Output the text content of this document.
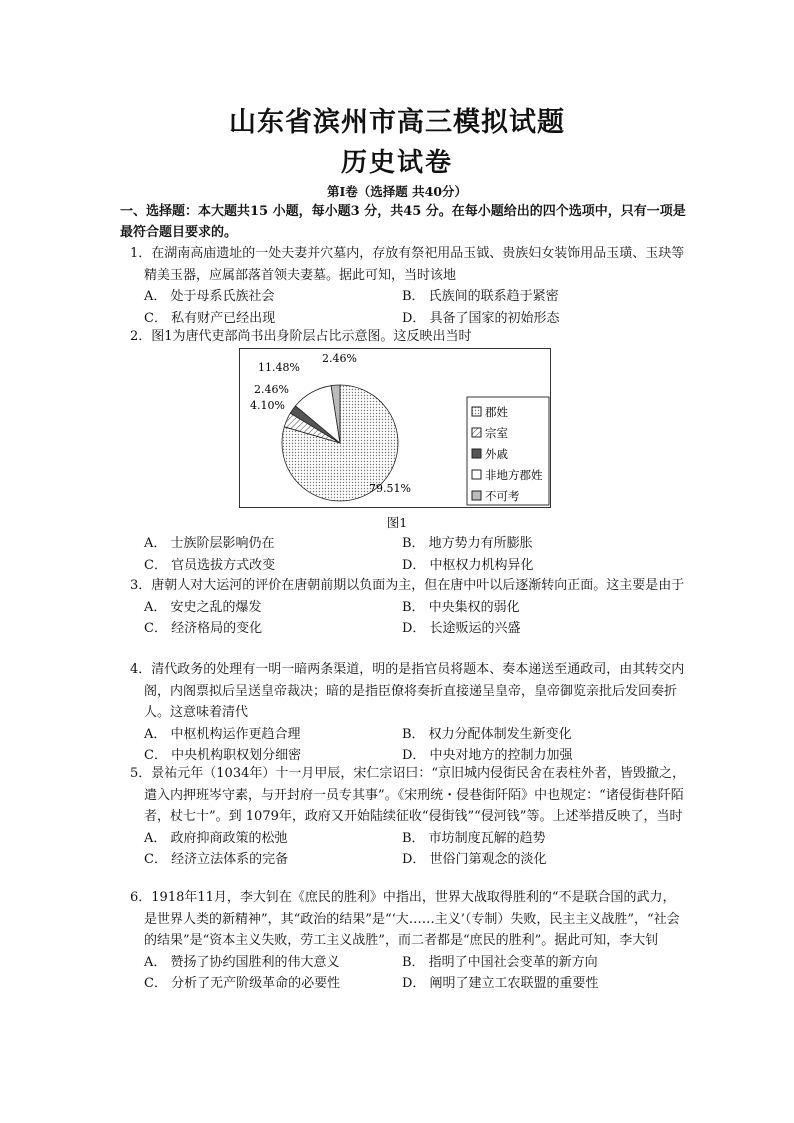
山东省滨州市高三模拟试题
历史试卷
第Ⅰ卷（选择题 共40分）
一、选择题：本大题共15 小题，每小题3 分，共45 分。在每小题给出的四个选项中，只有一项是最符合题目要求的。
1．在湖南高庙遗址的一处夫妻并穴墓内，存放有祭祀用品玉钺、贵族妇女装饰用品玉璜、玉玦等精美玉器，应属部落首领夫妻墓。据此可知，当时该地
A． 处于母系氏族社会	B． 氏族间的联系趋于紧密
C． 私有财产已经出现	D． 具备了国家的初始形态
2．图1为唐代吏部尚书出身阶层占比示意图。这反映出当时
79.51%
4.10%
2.46%
11.48%
2.46%
郡姓
宗室
外戚
非地方郡姓
不可考
图1
A． 士族阶层影响仍在	B． 地方势力有所膨胀
C． 官员选拔方式改变	D． 中枢权力机构异化
3．唐朝人对大运河的评价在唐朝前期以负面为主，但在唐中叶以后逐渐转向正面。这主要是由于
A． 安史之乱的爆发	B． 中央集权的弱化
C． 经济格局的变化	D． 长途贩运的兴盛
4．清代政务的处理有一明一暗两条渠道，明的是指官员将题本、奏本递送至通政司，由其转交内阁，内阁票拟后呈送皇帝裁决；暗的是指臣僚将奏折直接递呈皇帝，皇帝御览亲批后发回奏折人。这意味着清代
A． 中枢机构运作更趋合理	B． 权力分配体制发生新变化
C． 中央机构职权划分细密	D． 中央对地方的控制力加强
5．景祐元年（1034年）十一月甲辰，宋仁宗诏曰：“京旧城内侵街民舍在表柱外者，皆毁撤之，遣入内押班岑守素，与开封府一员专其事”。《宋刑统・侵巷街阡陌》中也规定：“诸侵街巷阡陌者，杖七十”。到 1079年，政府又开始陆续征收“侵街钱”“侵河钱”等。上述举措反映了，当时
A． 政府抑商政策的松弛	B． 市坊制度瓦解的趋势
C． 经济立法体系的完备	D． 世俗门第观念的淡化
6．1918年11月，李大钊在《庶民的胜利》中指出，世界大战取得胜利的“不是联合国的武力，是世界人类的新精神”，其“政治的结果”是“‘大……主义’（专制）失败，民主主义战胜”，“社会的结果”是“资本主义失败，劳工主义战胜”，而二者都是“庶民的胜利”。据此可知，李大钊
A． 赞扬了协约国胜利的伟大意义	B． 指明了中国社会变革的新方向
C． 分析了无产阶级革命的必要性	D． 阐明了建立工农联盟的重要性
